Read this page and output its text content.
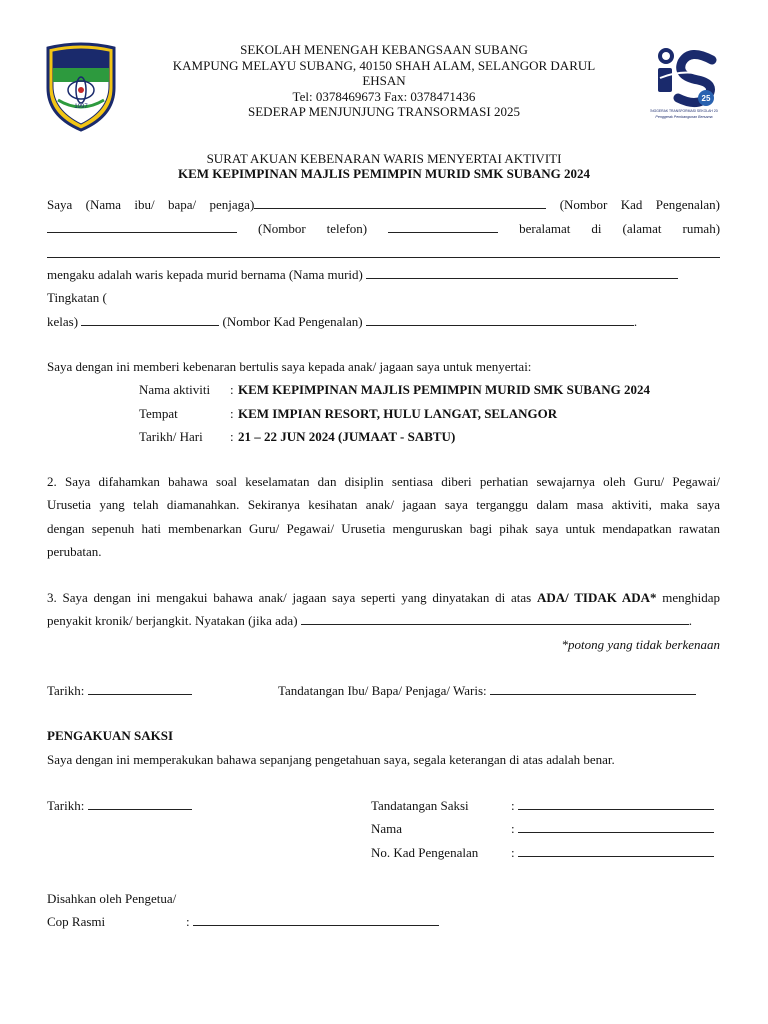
1997
25
PENGGERAK TRANSFORMASI SEKOLAH 2025
Penggerak Pembangunan Bersama
SEKOLAH MENENGAH KEBANGSAAN SUBANG
KAMPUNG MELAYU SUBANG, 40150 SHAH ALAM, SELANGOR DARUL
EHSAN
Tel: 0378469673 Fax: 0378471436
SEDERAP MENJUNJUNG TRANSORMASI 2025
SURAT AKUAN KEBENARAN WARIS MENYERTAI AKTIVITI
KEM KEPIMPINAN MAJLIS PEMIMPIN MURID SMK SUBANG 2024
Saya (Nama ibu/ bapa/ penjaga)	(Nombor Kad Pengenalan)
(Nombor telefon)	beralamat di (alamat rumah)
mengaku adalah waris kepada murid bernama (Nama murid)
Tingkatan (
kelas)	(Nombor Kad Pengenalan)	.
Saya dengan ini memberi kebenaran bertulis saya kepada anak/ jagaan saya untuk menyertai:
Nama aktiviti : KEM KEPIMPINAN MAJLIS PEMIMPIN MURID SMK SUBANG 2024
Tempat	: KEM IMPIAN RESORT, HULU LANGAT, SELANGOR
Tarikh/ Hari : 21 – 22 JUN 2024 (JUMAAT - SABTU)
2. Saya difahamkan bahawa soal keselamatan dan disiplin sentiasa diberi perhatian sewajarnya oleh Guru/ Pegawai/
Urusetia yang telah diamanahkan. Sekiranya kesihatan anak/ jagaan saya terganggu dalam masa aktiviti, maka saya
dengan sepenuh hati membenarkan Guru/ Pegawai/ Urusetia menguruskan bagi pihak saya untuk mendapatkan rawatan
perubatan.
3. Saya dengan ini mengakui bahawa anak/ jagaan saya seperti yang dinyatakan di atas ADA/ TIDAK ADA* menghidap
penyakit kronik/ berjangkit. Nyatakan (jika ada)	.
*potong yang tidak berkenaan
Tarikh:	Tandatangan Ibu/ Bapa/ Penjaga/ Waris:
PENGAKUAN SAKSI
Saya dengan ini memperakukan bahawa sepanjang pengetahuan saya, segala keterangan di atas adalah benar.
Tarikh:	Tandatangan Saksi	:
Nama	:
No. Kad Pengenalan	:
Disahkan oleh Pengetua/
Cop Rasmi	:
